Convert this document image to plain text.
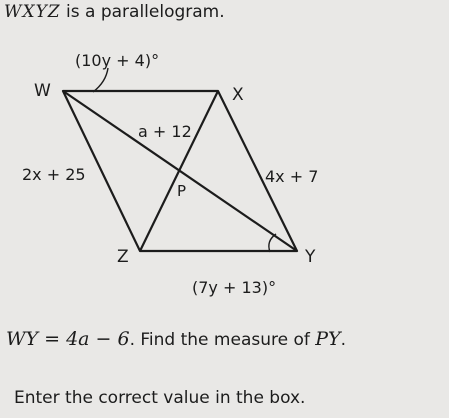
WXYZ is a parallelogram.
W	X
Y
Z
P
(10y + 4)°
(7y + 13)°
a + 12
2x + 25	4x + 7
WY = 4a − 6. Find the measure of PY.
Enter the correct value in the box.
